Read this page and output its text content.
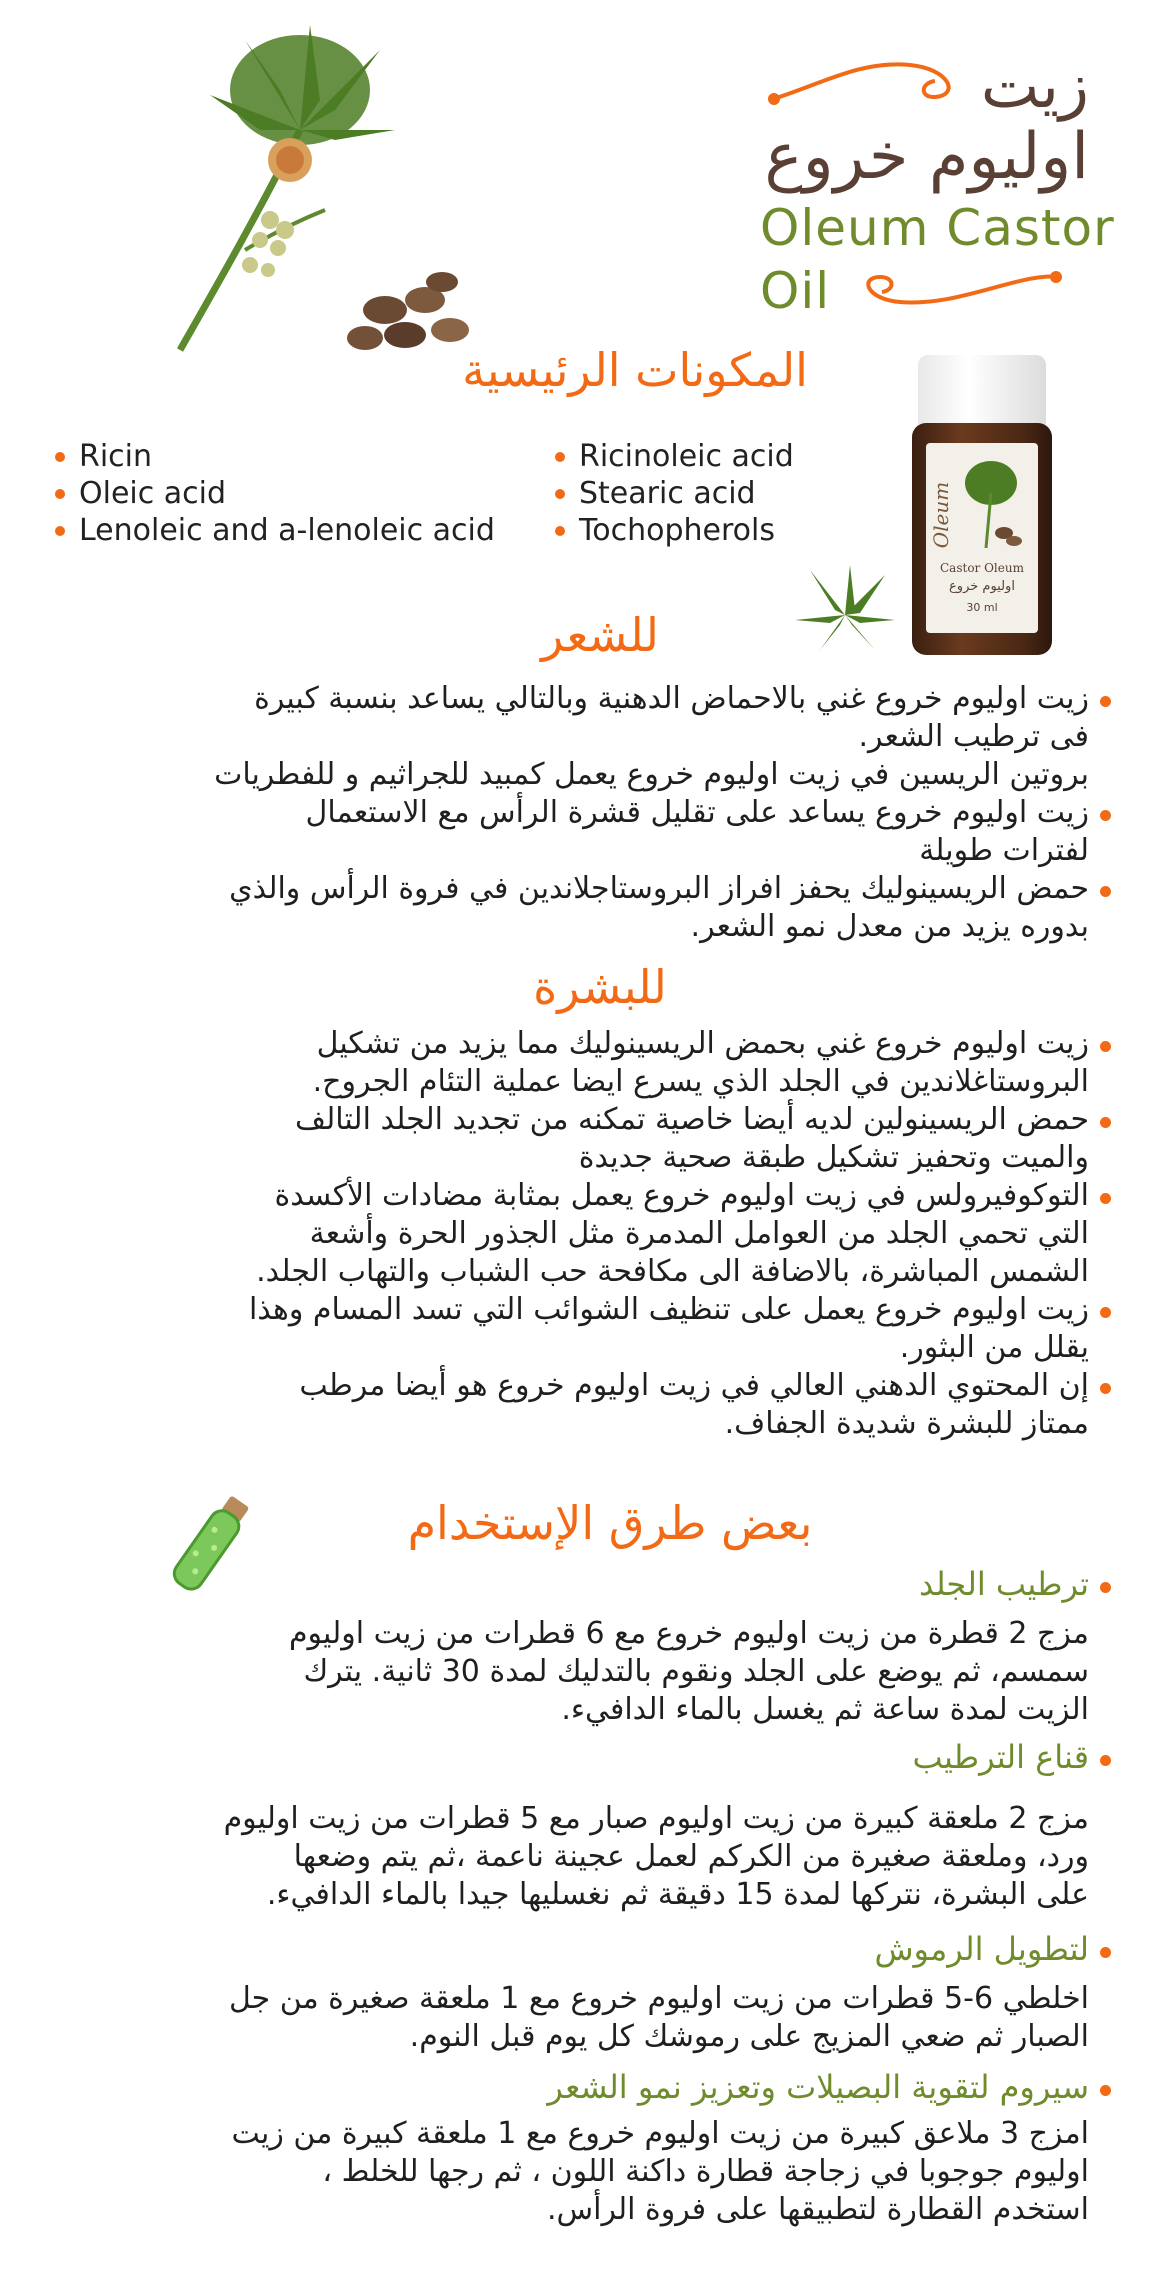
زيت
اوليوم خروع
Oleum Castor
Oil
المكونات الرئيسية
Ricin
Oleic acid
Lenoleic and a-lenoleic acid
Ricinoleic acid
Stearic acid
Tochopherols	Oleum
Castor Oleum
اوليوم خروع
30 ml
للشعر
زيت اوليوم خروع غني بالاحماض الدهنية وبالتالي يساعد بنسبة كبيرة
فى ترطيب الشعر.
بروتين الريسين في زيت اوليوم خروع يعمل كمبيد للجراثيم و للفطريات
زيت اوليوم خروع يساعد على تقليل قشرة الرأس مع الاستعمال
لفترات طويلة
حمض الريسينوليك يحفز افراز البروستاجلاندين في فروة الرأس والذي
بدوره يزيد من معدل نمو الشعر.
للبشرة
زيت اوليوم خروع غني بحمض الريسينوليك مما يزيد من تشكيل
البروستاغلاندين في الجلد الذي يسرع ايضا عملية التئام الجروح.
حمض الريسينولين لديه أيضا خاصية تمكنه من تجديد الجلد التالف
والميت وتحفيز تشكيل طبقة صحية جديدة
التوكوفيرولس في زيت اوليوم خروع يعمل بمثابة مضادات الأكسدة
التي تحمي الجلد من العوامل المدمرة مثل الجذور الحرة وأشعة
الشمس المباشرة، بالاضافة الى مكافحة حب الشباب والتهاب الجلد.
زيت اوليوم خروع يعمل على تنظيف الشوائب التي تسد المسام وهذا
يقلل من البثور.
إن المحتوي الدهني العالي في زيت اوليوم خروع هو أيضا مرطب
ممتاز للبشرة شديدة الجفاف.
بعض طرق الإستخدام
ترطيب الجلد
مزج 2 قطرة من زيت اوليوم خروع مع 6 قطرات من زيت اوليوم
سمسم، ثم يوضع على الجلد ونقوم بالتدليك لمدة 30 ثانية. يترك
الزيت لمدة ساعة ثم يغسل بالماء الدافيء.
قناع الترطيب
مزج 2 ملعقة كبيرة من زيت اوليوم صبار مع 5 قطرات من زيت اوليوم
ورد، وملعقة صغيرة من الكركم لعمل عجينة ناعمة ،ثم يتم وضعها
على البشرة، نتركها لمدة 15 دقيقة ثم نغسليها جيدا بالماء الدافيء.
لتطويل الرموش
اخلطي 6-5 قطرات من زيت اوليوم خروع مع 1 ملعقة صغيرة من جل
الصبار ثم ضعي المزيج على رموشك كل يوم قبل النوم.
سيروم لتقوية البصيلات وتعزيز نمو الشعر
امزج 3 ملاعق كبيرة من زيت اوليوم خروع مع 1 ملعقة كبيرة من زيت
اوليوم جوجوبا في زجاجة قطارة داكنة اللون ، ثم رجها للخلط ،
استخدم القطارة لتطبيقها على فروة الرأس.
